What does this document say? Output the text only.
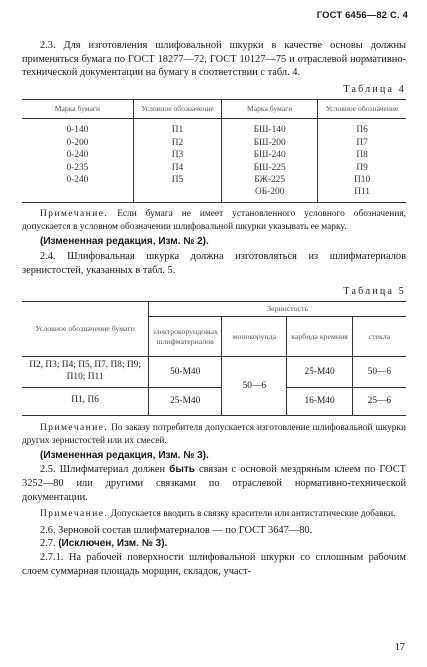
ГОСТ 6456—82 С. 4

2.3. Для изготовления шлифовальной шкурки в качестве основы должны применяться бумага по ГОСТ 18277—72, ГОСТ 10127—75 и отраслевой нормативно-технической документации на бумагу в соответствии с табл. 4.

Таблица 4
Марка бумаги	Условное обозначение	Марка бумаги	Условное обозначение
0-140	П1	БШ-140	П6
0-200	П2	БШ-200	П7
0-240	П3	БШ-240	П8
0-235	П4	БШ-225	П9
0-240	П5	БЖ-225	П10
		ОБ-200	П11

Примечание. Если бумага не имеет установленного условного обозначения, допускается в условном обозначении шлифовальной шкурки указывать ее марку.

(Измененная редакция, Изм. № 2).

2.4. Шлифовальная шкурка должна изготовляться из шлифматериалов зернистостей, указанных в табл. 5.

Таблица 5
Условное обозначение бумаги	Зернистость			
	электрокорундовых шлифматериалов	монокорунда	карбида кремния	стекла
П2, П3; П4; П5, П7, П8; П9; П10; П11	50-М40	50—6	25-М40	50—6
П1, П6	25-М40		16-М40	25—6

Примечание. По заказу потребителя допускается изготовление шлифовальной шкурки других зернистостей или их смесей.

(Измененная редакция, Изм. № 3).

2.5. Шлифматериал должен быть связан с основой мездряным клеем по ГОСТ 3252—80 или другими связками по отраслевой нормативно-технической документации.

Примечание. Допускается вводить в связку красители или антистатические добавки.

2.6. Зерновой состав шлифматериалов — по ГОСТ 3647—80.

2.7. (Исключен, Изм. № 3).

2.7.1. На рабочей поверхности шлифовальной шкурки со сплошным рабочим слоем суммарная площадь морщин, складок, участ-

17
